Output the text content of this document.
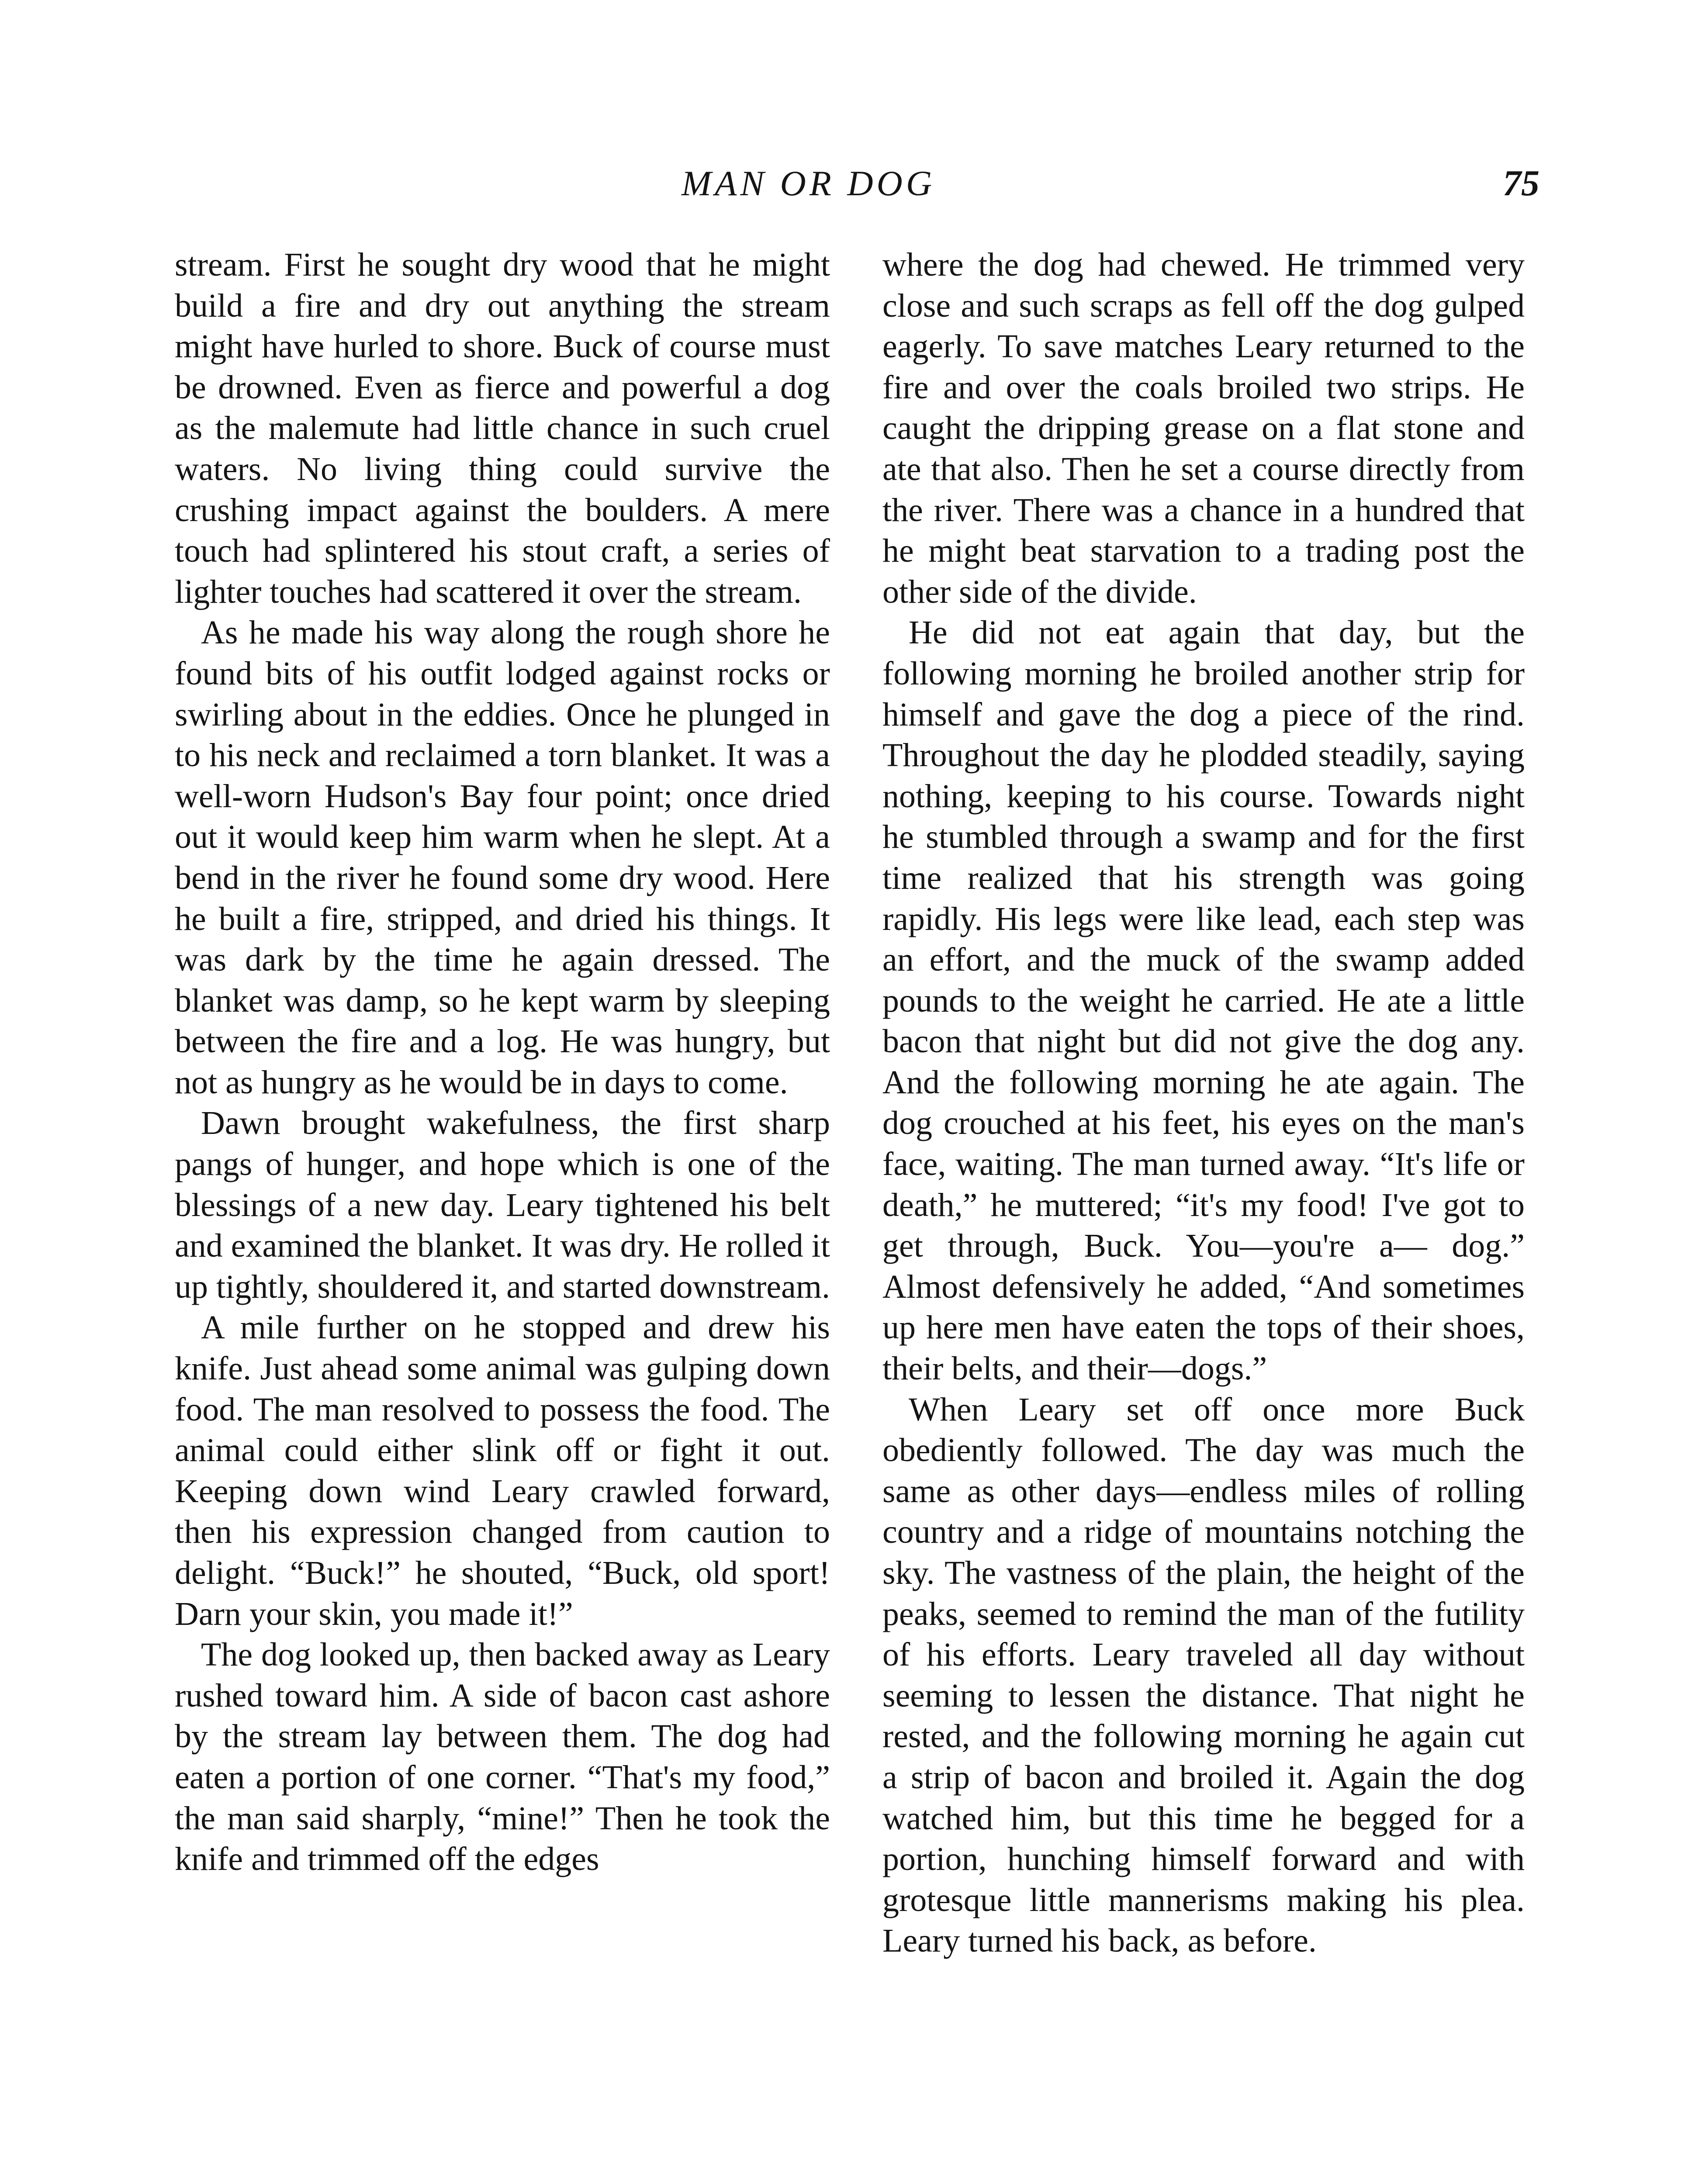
MAN OR DOG	75

stream. First he sought dry wood that he might build a fire and dry out anything the stream might have hurled to shore. Buck of course must be drowned. Even as fierce and powerful a dog as the malemute had little chance in such cruel waters. No living thing could survive the crushing impact against the boulders. A mere touch had splintered his stout craft, a series of lighter touches had scattered it over the stream.

As he made his way along the rough shore he found bits of his outfit lodged against rocks or swirling about in the eddies. Once he plunged in to his neck and reclaimed a torn blanket. It was a well-worn Hudson's Bay four point; once dried out it would keep him warm when he slept. At a bend in the river he found some dry wood. Here he built a fire, stripped, and dried his things. It was dark by the time he again dressed. The blanket was damp, so he kept warm by sleeping between the fire and a log. He was hungry, but not as hungry as he would be in days to come.

Dawn brought wakefulness, the first sharp pangs of hunger, and hope which is one of the blessings of a new day. Leary tightened his belt and examined the blanket. It was dry. He rolled it up tightly, shouldered it, and started downstream.

A mile further on he stopped and drew his knife. Just ahead some animal was gulping down food. The man resolved to possess the food. The animal could either slink off or fight it out. Keeping down wind Leary crawled forward, then his expression changed from caution to delight. “Buck!” he shouted, “Buck, old sport! Darn your skin, you made it!”

The dog looked up, then backed away as Leary rushed toward him. A side of bacon cast ashore by the stream lay between them. The dog had eaten a portion of one corner. “That's my food,” the man said sharply, “mine!” Then he took the knife and trimmed off the edges

where the dog had chewed. He trimmed very close and such scraps as fell off the dog gulped eagerly. To save matches Leary returned to the fire and over the coals broiled two strips. He caught the dripping grease on a flat stone and ate that also. Then he set a course directly from the river. There was a chance in a hundred that he might beat starvation to a trading post the other side of the divide.

He did not eat again that day, but the following morning he broiled another strip for himself and gave the dog a piece of the rind. Throughout the day he plodded steadily, saying nothing, keeping to his course. Towards night he stumbled through a swamp and for the first time realized that his strength was going rapidly. His legs were like lead, each step was an effort, and the muck of the swamp added pounds to the weight he carried. He ate a little bacon that night but did not give the dog any. And the following morning he ate again. The dog crouched at his feet, his eyes on the man's face, waiting. The man turned away. “It's life or death,” he muttered; “it's my food! I've got to get through, Buck. You—you're a— dog.” Almost defensively he added, “And sometimes up here men have eaten the tops of their shoes, their belts, and their—dogs.”

When Leary set off once more Buck obediently followed. The day was much the same as other days—endless miles of rolling country and a ridge of mountains notching the sky. The vastness of the plain, the height of the peaks, seemed to remind the man of the futility of his efforts. Leary traveled all day without seeming to lessen the distance. That night he rested, and the following morning he again cut a strip of bacon and broiled it. Again the dog watched him, but this time he begged for a portion, hunching himself forward and with grotesque little mannerisms making his plea. Leary turned his back, as before.
